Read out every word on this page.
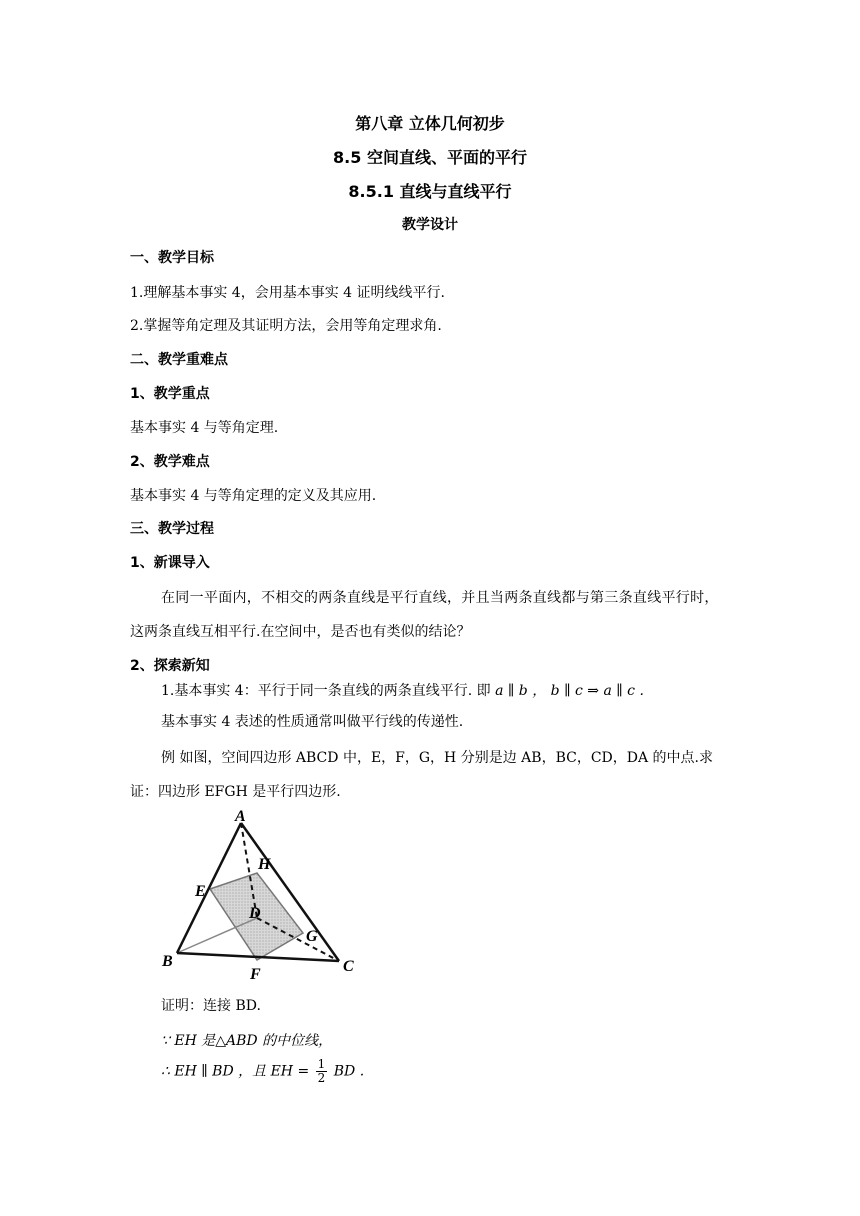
第八章 立体几何初步
8.5 空间直线、平面的平行
8.5.1 直线与直线平行
教学设计
一、教学目标
1.理解基本事实 4，会用基本事实 4 证明线线平行.
2.掌握等角定理及其证明方法，会用等角定理求角.
二、教学重难点
1、教学重点
基本事实 4 与等角定理.
2、教学难点
基本事实 4 与等角定理的定义及其应用.
三、教学过程
1、新课导入
在同一平面内，不相交的两条直线是平行直线，并且当两条直线都与第三条直线平行时，
这两条直线互相平行.在空间中，是否也有类似的结论？
2、探索新知
1.基本事实 4：平行于同一条直线的两条直线平行. 即 a ∥ b ， b ∥ c ⇒ a ∥ c .
基本事实 4 表述的性质通常叫做平行线的传递性.
例 如图，空间四边形 ABCD 中，E，F，G，H 分别是边 AB，BC，CD，DA 的中点.求
证：四边形 EFGH 是平行四边形.
A
B	C
D
E
F
G
H
证明：连接 BD.
∵ EH 是△ABD 的中位线，
∴ EH ∥ BD ，且 EH = $\frac{1}{2}$ BD .
